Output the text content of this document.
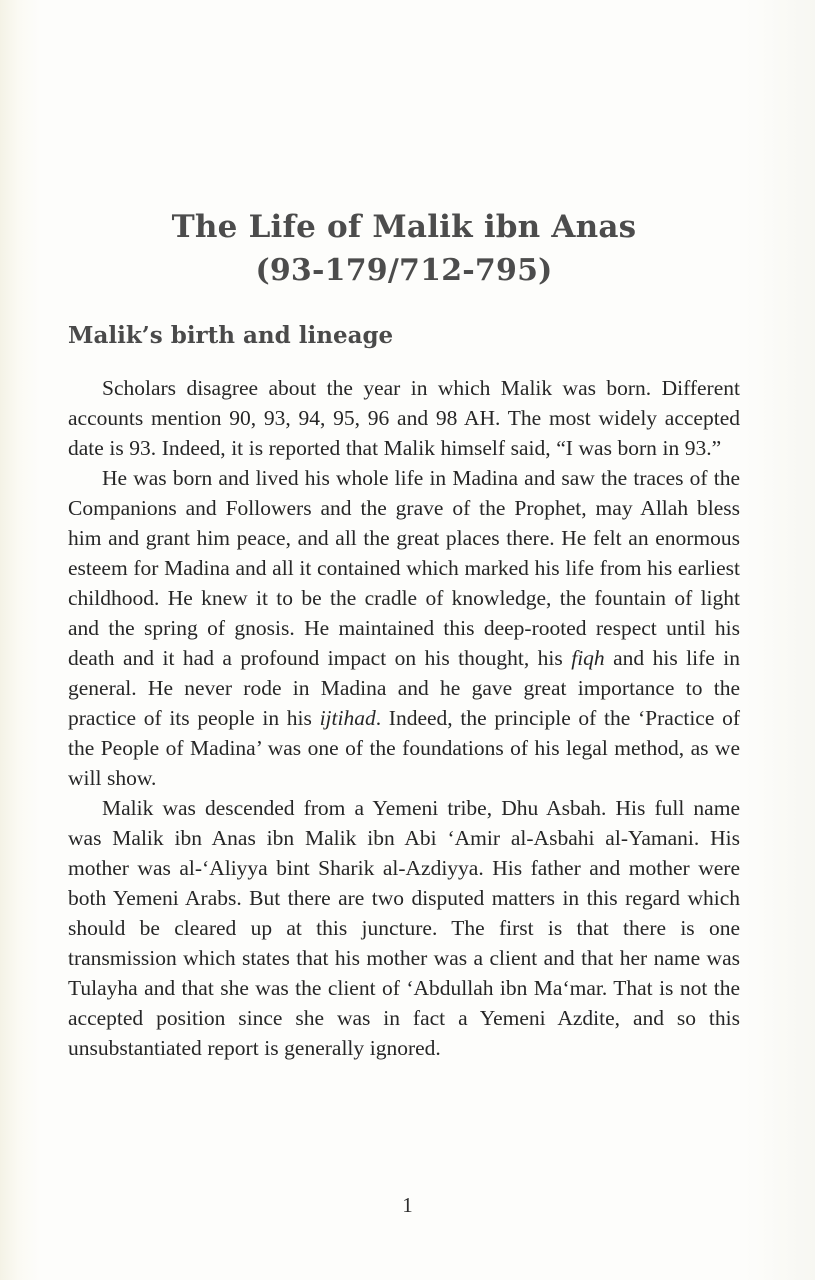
The Life of Malik ibn Anas
(93-179/712-795)
Malik’s birth and lineage

Scholars disagree about the year in which Malik was born. Different accounts mention 90, 93, 94, 95, 96 and 98 AH. The most widely accepted date is 93. Indeed, it is reported that Malik himself said, “I was born in 93.”

He was born and lived his whole life in Madina and saw the traces of the Companions and Followers and the grave of the Prophet, may Allah bless him and grant him peace, and all the great places there. He felt an enormous esteem for Madina and all it contained which marked his life from his earliest childhood. He knew it to be the cradle of knowledge, the fountain of light and the spring of gnosis. He maintained this deep-rooted respect until his death and it had a profound impact on his thought, his fiqh and his life in general. He never rode in Madina and he gave great importance to the practice of its people in his ijtihad. Indeed, the principle of the ‘Practice of the People of Madina’ was one of the foundations of his legal method, as we will show.

Malik was descended from a Yemeni tribe, Dhu Asbah. His full name was Malik ibn Anas ibn Malik ibn Abi ʻAmir al-Asbahi al-Yamani. His mother was al-ʻAliyya bint Sharik al-Azdiyya. His father and mother were both Yemeni Arabs. But there are two disputed matters in this regard which should be cleared up at this juncture. The first is that there is one transmission which states that his mother was a client and that her name was Tulayha and that she was the client of ʻAbdullah ibn Maʻmar. That is not the accepted position since she was in fact a Yemeni Azdite, and so this unsubstantiated report is generally ignored.

1
